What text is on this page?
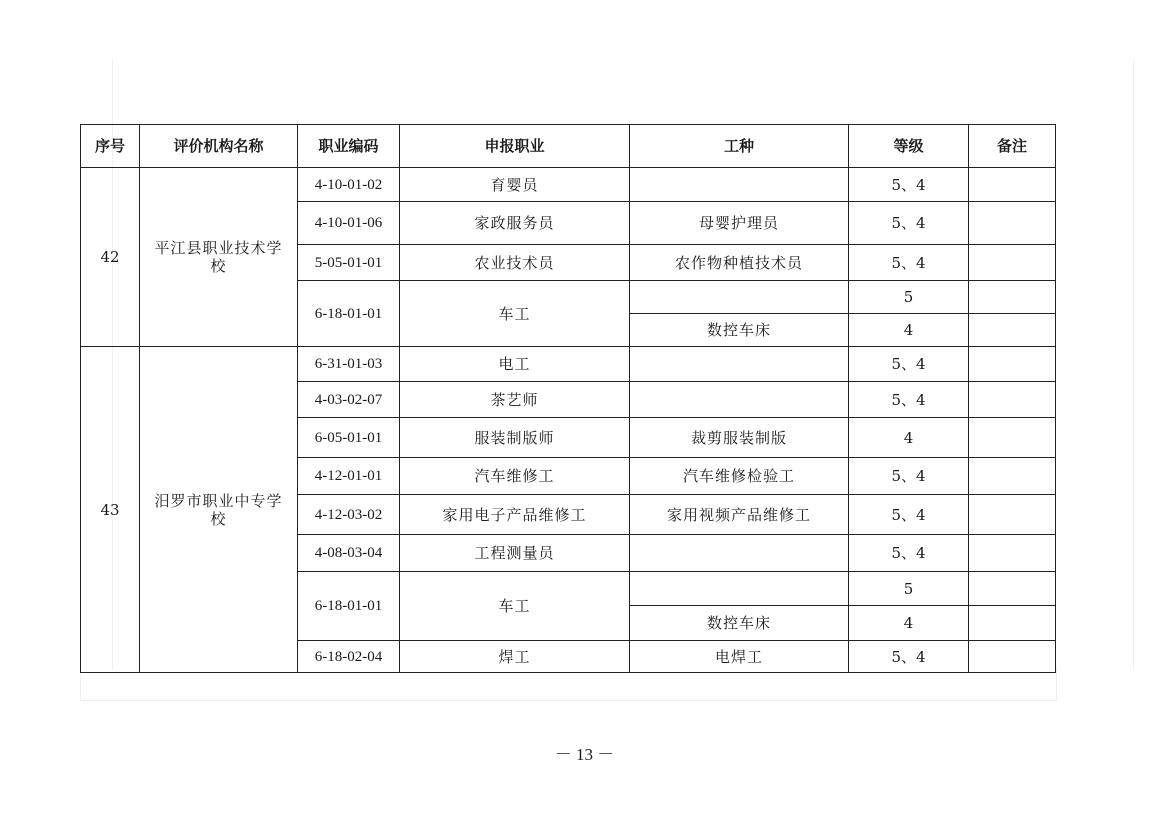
序号	评价机构名称	职业编码	申报职业	工种	等级	备注
42	平江县职业技术学校	4-10-01-02	育婴员		5、4	
		4-10-01-06	家政服务员	母婴护理员	5、4	
		5-05-01-01	农业技术员	农作物种植技术员	5、4	
		6-18-01-01	车工		5	
				数控车床	4	
43	汨罗市职业中专学校	6-31-01-03	电工		5、4	
		4-03-02-07	茶艺师		5、4	
		6-05-01-01	服装制版师	裁剪服装制版	4	
		4-12-01-01	汽车维修工	汽车维修检验工	5、4	
		4-12-03-02	家用电子产品维修工	家用视频产品维修工	5、4	
		4-08-03-04	工程测量员		5、4	
		6-18-01-01	车工		5	
				数控车床	4	
		6-18-02-04	焊工	电焊工	5、4	
－ 13 －
